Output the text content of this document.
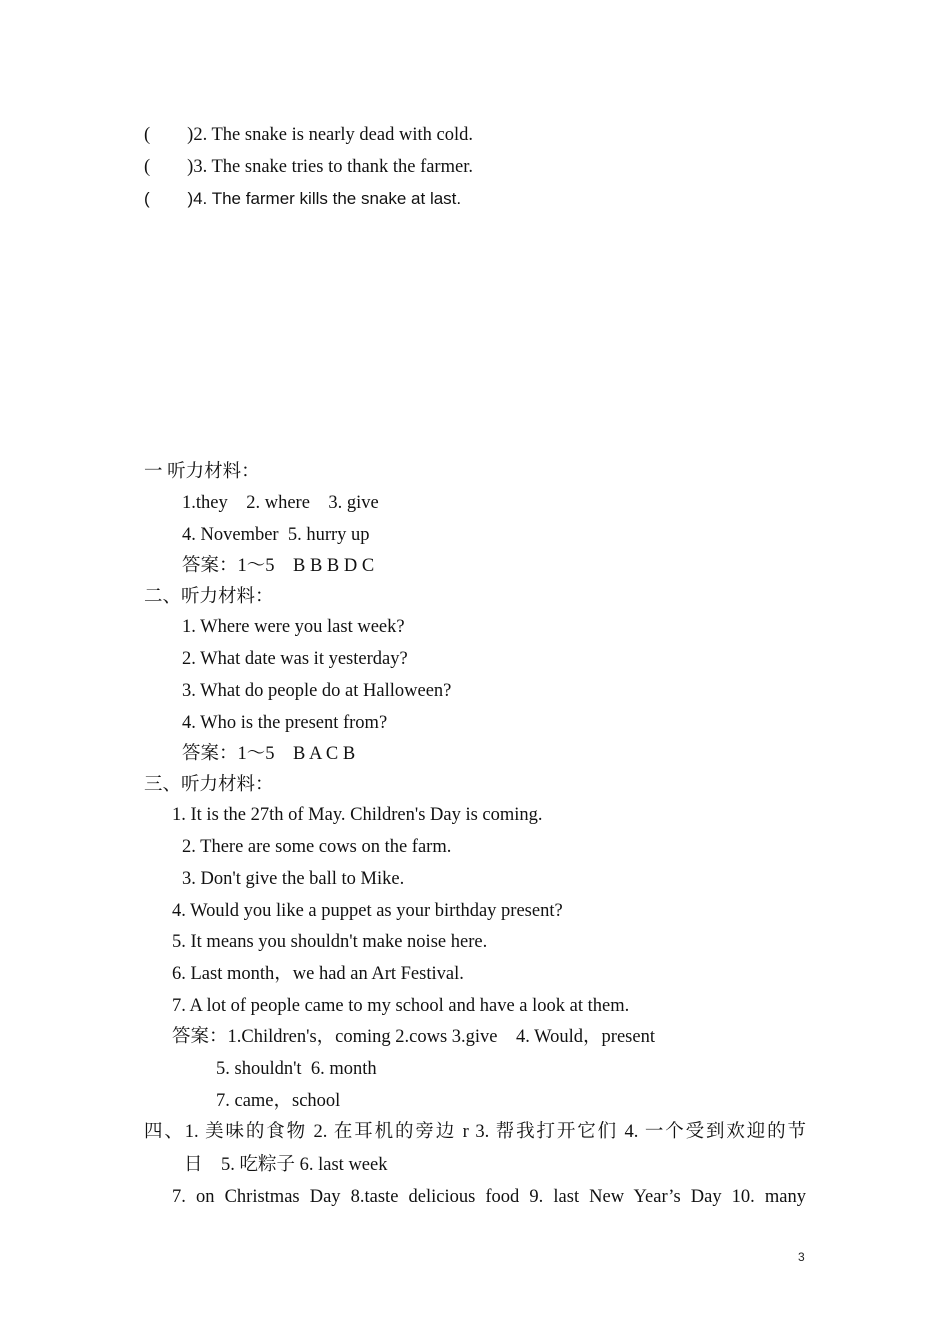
(        )2. The snake is nearly dead with cold.
(        )3. The snake tries to thank the farmer.
(        )4. The farmer kills the snake at last.
一 听力材料：
1.they    2. where    3. give
4. November  5. hurry up
答案：1～5    B B B D C
二、听力材料：
1. Where were you last week?
2. What date was it yesterday?
3. What do people do at Halloween?
4. Who is the present from?
答案：1～5    B A C B
三、听力材料：
1. It is the 27th of May. Children's Day is coming.
2. There are some cows on the farm.
3. Don't give the ball to Mike.
4. Would you like a puppet as your birthday present?
5. It means you shouldn't make noise here.
6. Last month，we had an Art Festival.
7. A lot of people came to my school and have a look at them.
答案：1.Children's，coming 2.cows 3.give    4. Would，present
5. shouldn't  6. month
7. came，school
四、1. 美味的食物 2. 在耳机的旁边 r 3. 帮我打开它们 4. 一个受到欢迎的节
日    5. 吃粽子 6. last week
7. on Christmas Day 8.taste delicious food 9. last New Year’s Day 10. many
3
